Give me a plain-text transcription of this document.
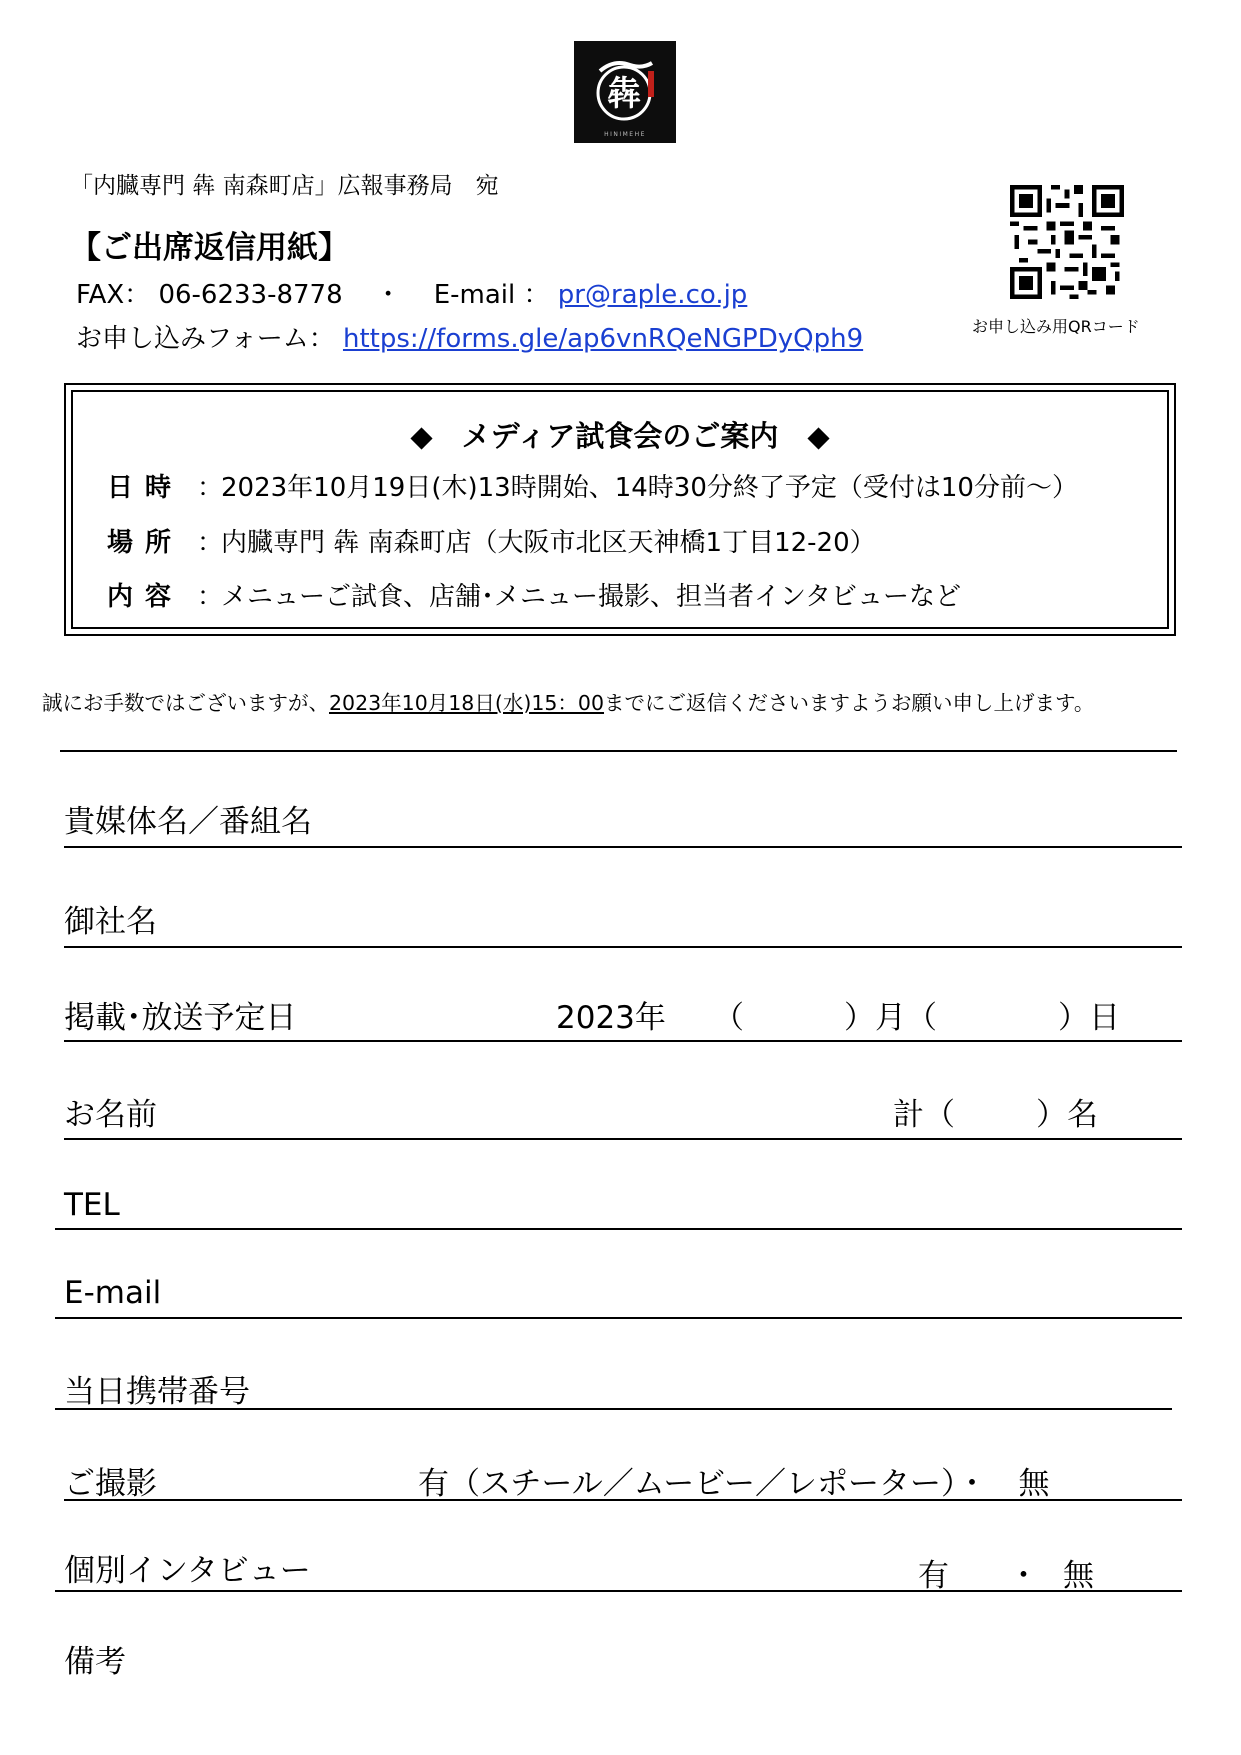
犇
HINIMEHE
「内臓専門 犇 南森町店」広報事務局　宛
【ご出席返信用紙】
FAX： 06-6233-8778 ・ E-mail ： pr@raple.co.jp
お申し込みフォーム： https://forms.gle/ap6vnRQeNGPDyQph9	お申し込み用QRコード
◆　メディア試食会のご案内　◆
日時 ：2023年10月19日(木)13時開始、14時30分終了予定（受付は10分前～）
場所 ：内臓専門 犇 南森町店（大阪市北区天神橋1丁目12-20）
内容 ：メニューご試食、店舗･メニュー撮影、担当者インタビューなど
誠にお手数ではございますが、2023年10月18日(水)15：00までにご返信くださいますようお願い申し上げます。
貴媒体名／番組名
御社名
掲載･放送予定日	2023年 （	）月（	）日
お名前	計（	）名
TEL
E-mail
当日携帯番号
ご撮影	有（スチール／ムービー／レポーター）・　無
個別インタビュー	有 ・ 無
備考
